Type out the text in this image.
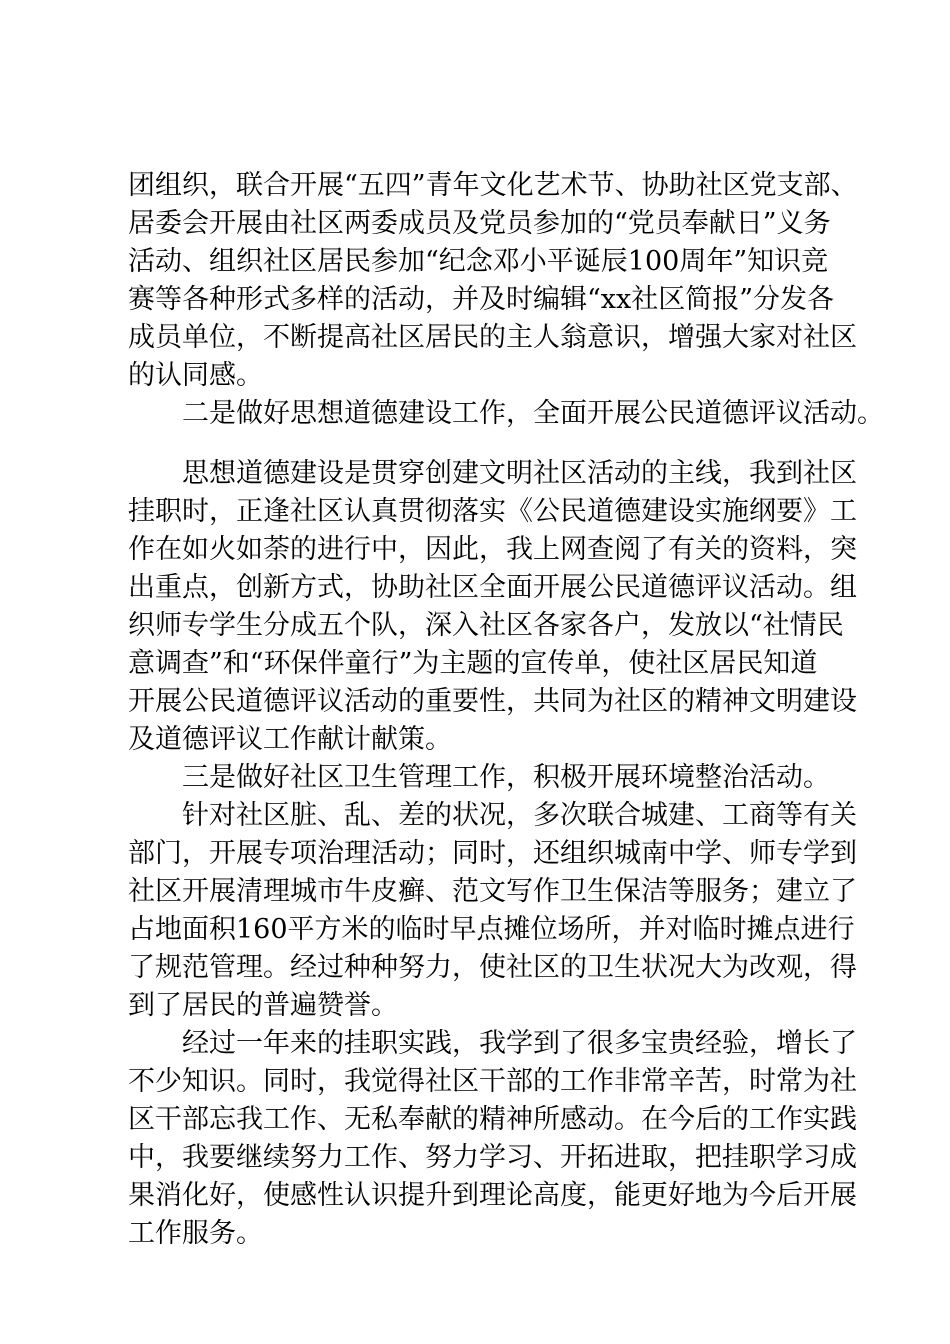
团组织，联合开展“五四”青年文化艺术节、协助社区党支部、
居委会开展由社区两委成员及党员参加的“党员奉献日”义务
活动、组织社区居民参加“纪念邓小平诞辰100周年”知识竞
赛等各种形式多样的活动，并及时编辑“xx社区简报”分发各
成员单位，不断提高社区居民的主人翁意识，增强大家对社区
的认同感。
　　二是做好思想道德建设工作，全面开展公民道德评议活动。
　　思想道德建设是贯穿创建文明社区活动的主线，我到社区
挂职时，正逢社区认真贯彻落实《公民道德建设实施纲要》工
作在如火如荼的进行中，因此，我上网查阅了有关的资料，突
出重点，创新方式，协助社区全面开展公民道德评议活动。组
织师专学生分成五个队，深入社区各家各户，发放以“社情民
意调查”和“环保伴童行”为主题的宣传单，使社区居民知道
开展公民道德评议活动的重要性，共同为社区的精神文明建设
及道德评议工作献计献策。
　　三是做好社区卫生管理工作，积极开展环境整治活动。
　　针对社区脏、乱、差的状况，多次联合城建、工商等有关
部门，开展专项治理活动；同时，还组织城南中学、师专学到
社区开展清理城市牛皮癣、范文写作卫生保洁等服务；建立了
占地面积160平方米的临时早点摊位场所，并对临时摊点进行
了规范管理。经过种种努力，使社区的卫生状况大为改观，得
到了居民的普遍赞誉。
　　经过一年来的挂职实践，我学到了很多宝贵经验，增长了
不少知识。同时，我觉得社区干部的工作非常辛苦，时常为社
区干部忘我工作、无私奉献的精神所感动。在今后的工作实践
中，我要继续努力工作、努力学习、开拓进取，把挂职学习成
果消化好，使感性认识提升到理论高度，能更好地为今后开展
工作服务。
